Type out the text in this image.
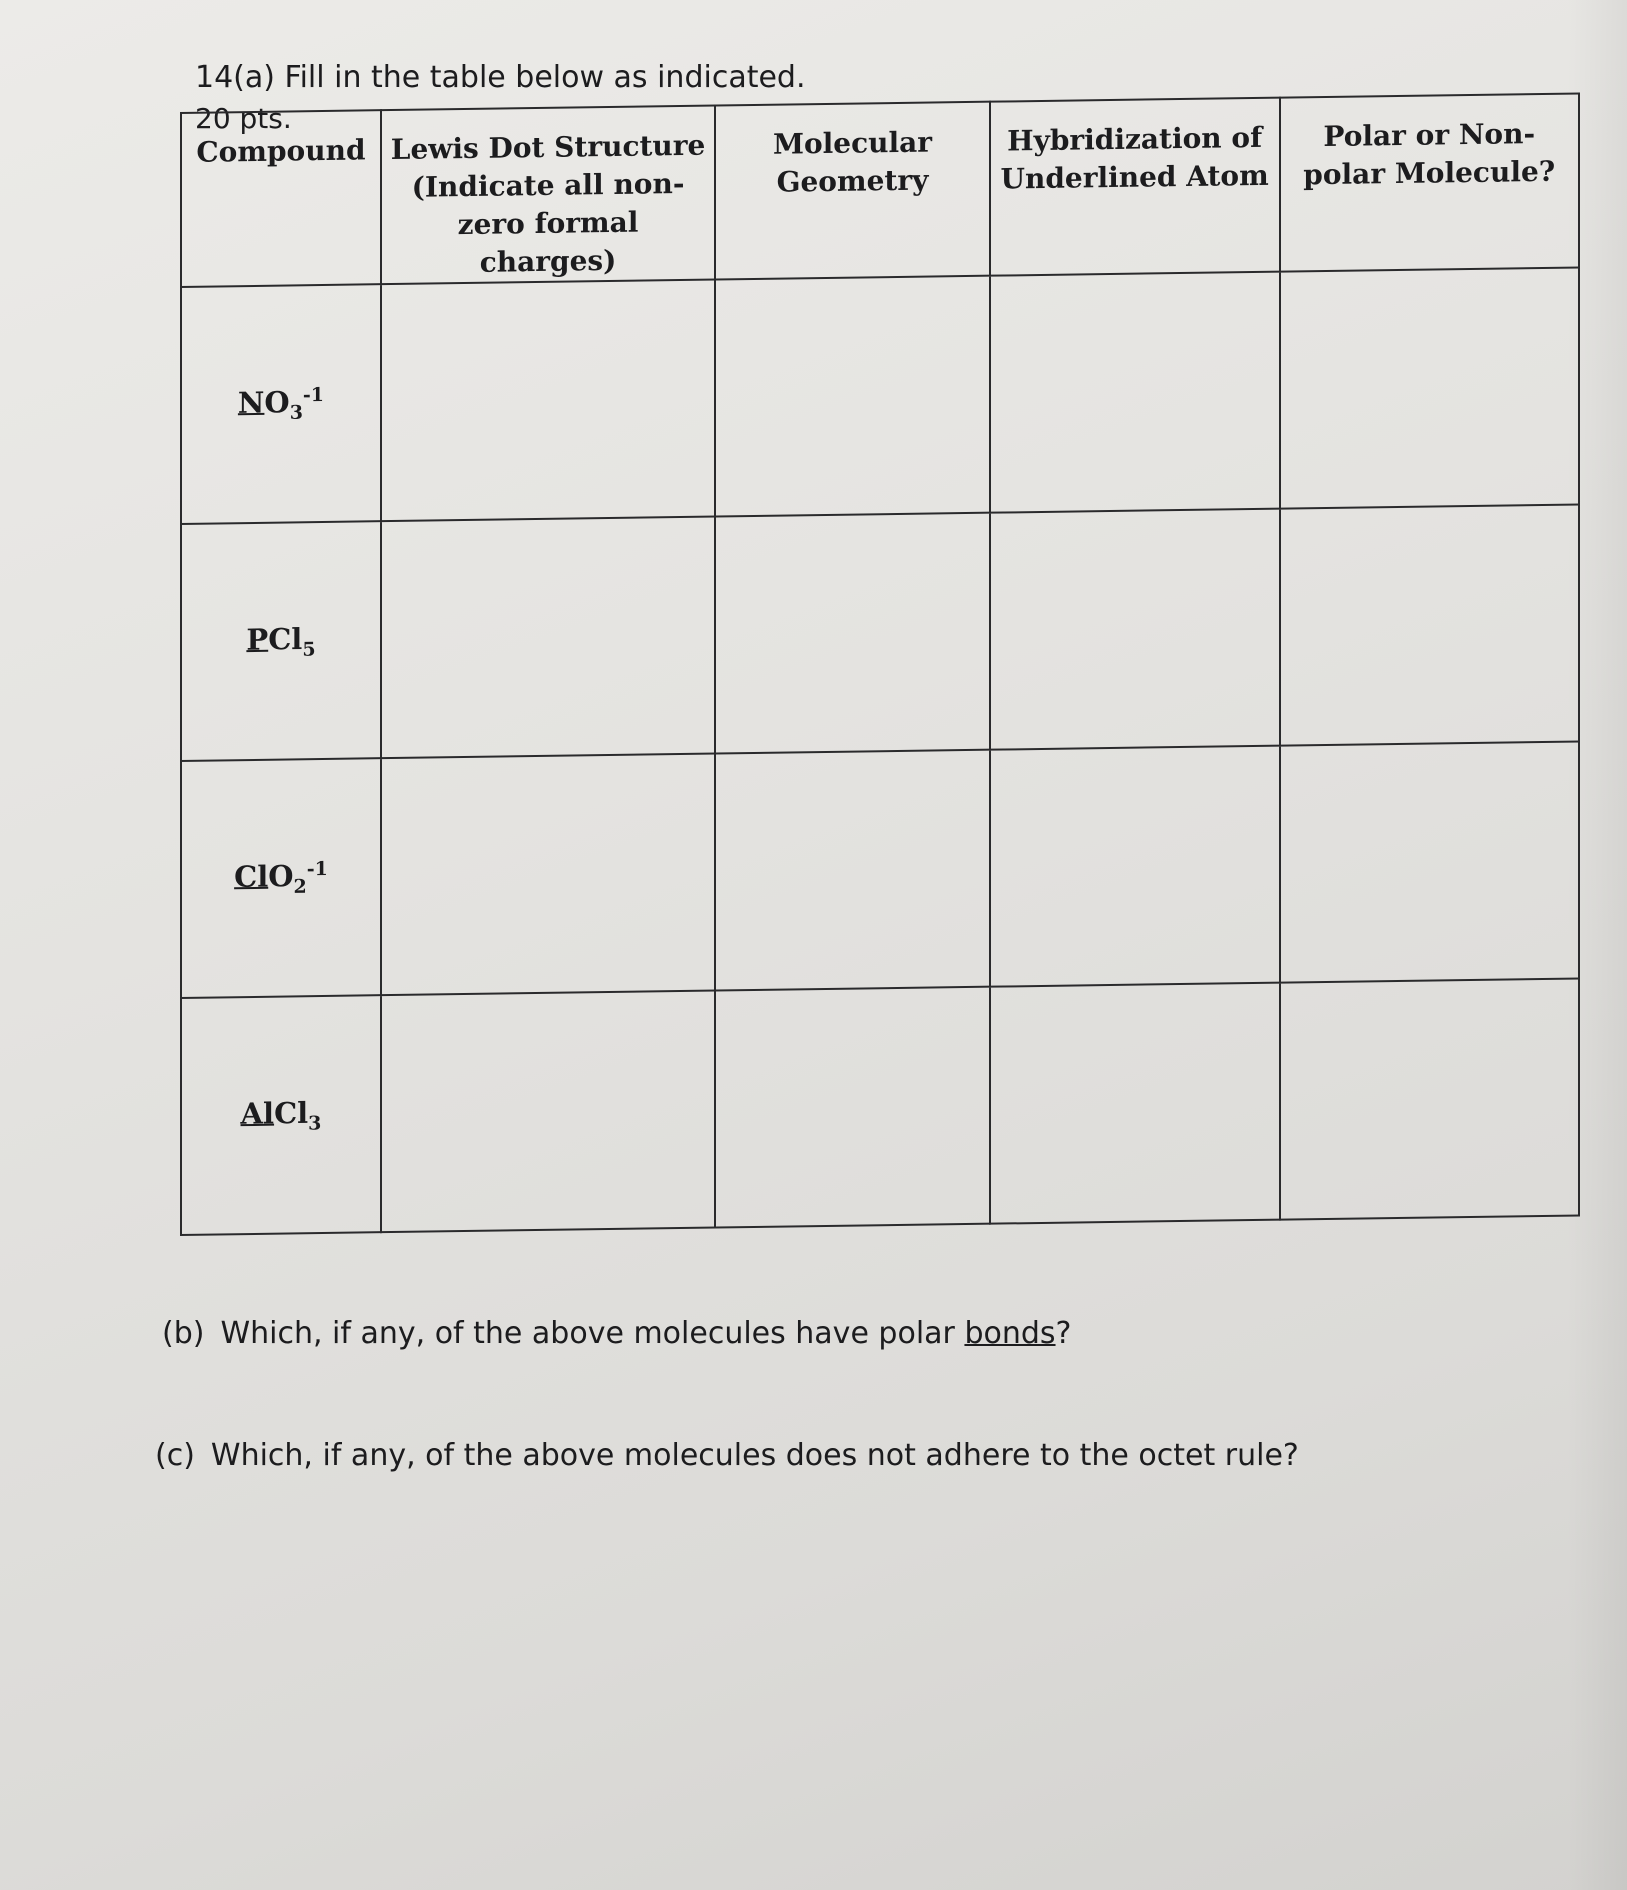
14(a) Fill in the table below as indicated.
20 pts.
Compound	Lewis Dot Structure (Indicate all non-zero formal charges)	Molecular Geometry	Hybridization of Underlined Atom	Polar or Non-polar Molecule?
$NO_3^{-1}$				
PCl$_5$				
ClO$_2^{-1}$				
AlCl$_3$				

(b) Which, if any, of the above molecules have polar bonds?

(c) Which, if any, of the above molecules does not adhere to the octet rule?
